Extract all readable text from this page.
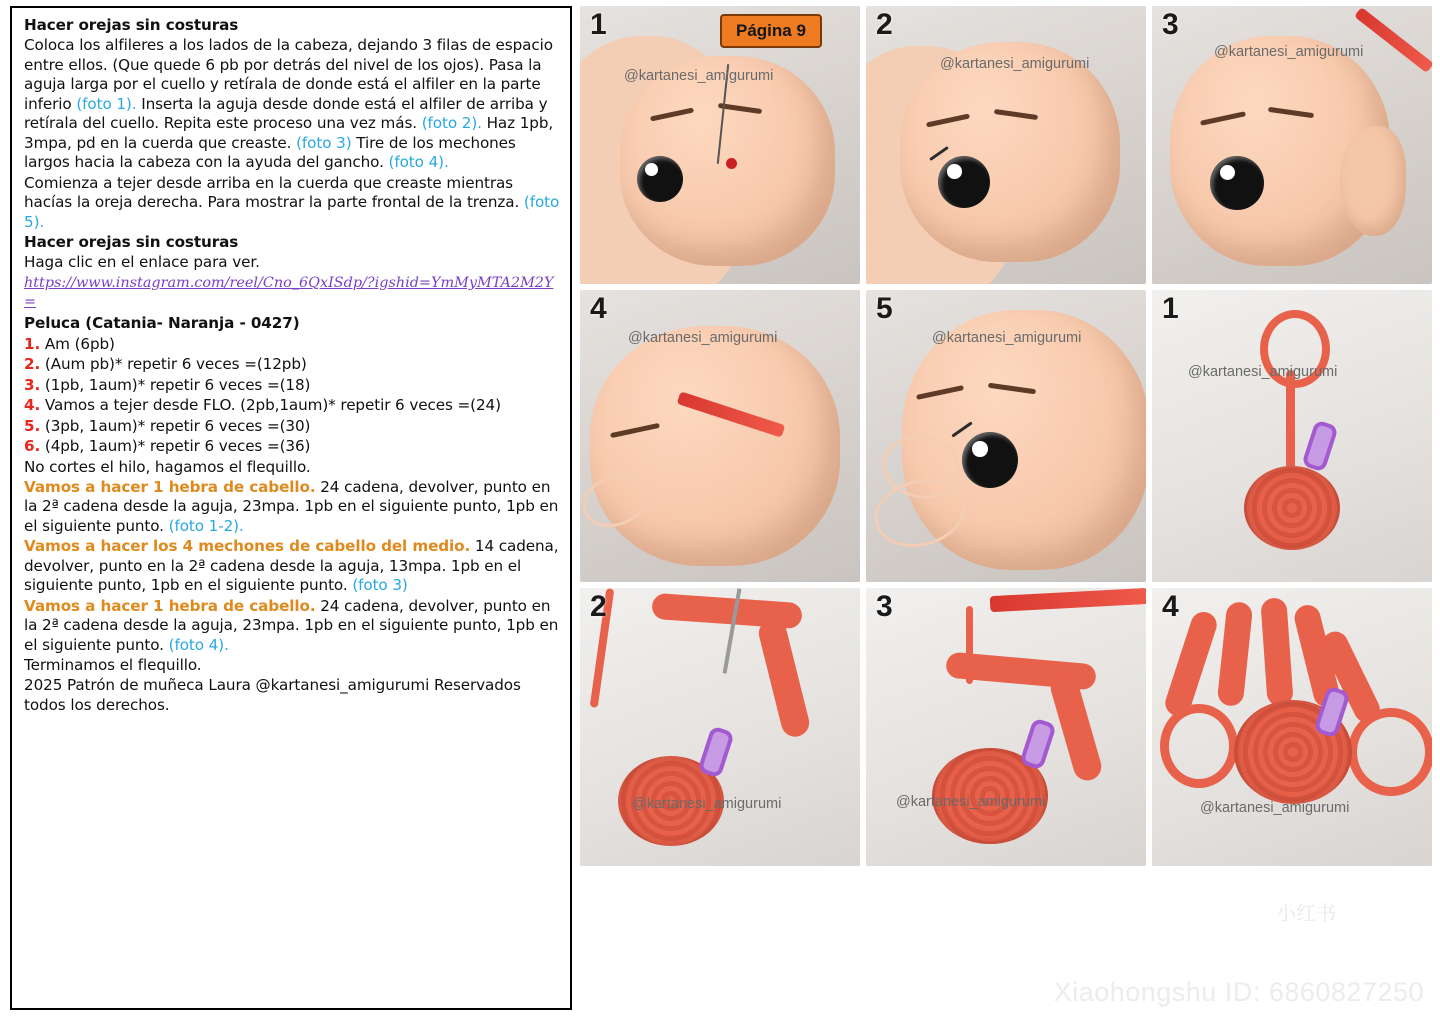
Hacer orejas sin costuras

Coloca los alfileres a los lados de la cabeza, dejando 3 filas de espacio entre ellos. (Que quede 6 pb por detrás del nivel de los ojos). Pasa la aguja larga por el cuello y retírala de donde está el alfiler en la parte inferio (foto 1). Inserta la aguja desde donde está el alfiler de arriba y retírala del cuello. Repita este proceso una vez más. (foto 2). Haz 1pb, 3mpa, pd en la cuerda que creaste. (foto 3) Tire de los mechones largos hacia la cabeza con la ayuda del gancho. (foto 4).

Comienza a tejer desde arriba en la cuerda que creaste mientras hacías la oreja derecha. Para mostrar la parte frontal de la trenza. (foto 5).

Hacer orejas sin costuras

Haga clic en el enlace para ver.

https://www.instagram.com/reel/Cno_6QxISdp/?igshid=YmMyMTA2M2Y=

Peluca (Catania- Naranja - 0427)

1. Am (6pb)

2. (Aum pb)* repetir 6 veces =(12pb)

3. (1pb, 1aum)* repetir 6 veces =(18)

4. Vamos a tejer desde FLO. (2pb,1aum)* repetir 6 veces =(24)

5. (3pb, 1aum)* repetir 6 veces =(30)

6. (4pb, 1aum)* repetir 6 veces =(36)

No cortes el hilo, hagamos el flequillo.

Vamos a hacer 1 hebra de cabello. 24 cadena, devolver, punto en la 2ª cadena desde la aguja, 23mpa. 1pb en el siguiente punto, 1pb en el siguiente punto. (foto 1-2).

Vamos a hacer los 4 mechones de cabello del medio. 14 cadena, devolver, punto en la 2ª cadena desde la aguja, 13mpa. 1pb en el siguiente punto, 1pb en el siguiente punto. (foto 3)

Vamos a hacer 1 hebra de cabello. 24 cadena, devolver, punto en la 2ª cadena desde la aguja, 23mpa. 1pb en el siguiente punto, 1pb en el siguiente punto. (foto 4).

Terminamos el flequillo.

2025 Patrón de muñeca Laura @kartanesi_amigurumi Reservados todos los derechos.

Página 9
1
@kartanesi_amigurumi
2
@kartanesi_amigurumi
3
@kartanesi_amigurumi
4
@kartanesi_amigurumi
5
@kartanesi_amigurumi
1
@kartanesi_amigurumi
2
@kartanesi_amigurumi
3
@kartanesi_amigurumi
4
@kartanesi_amigurumi
小红书
Xiaohongshu ID: 6860827250
